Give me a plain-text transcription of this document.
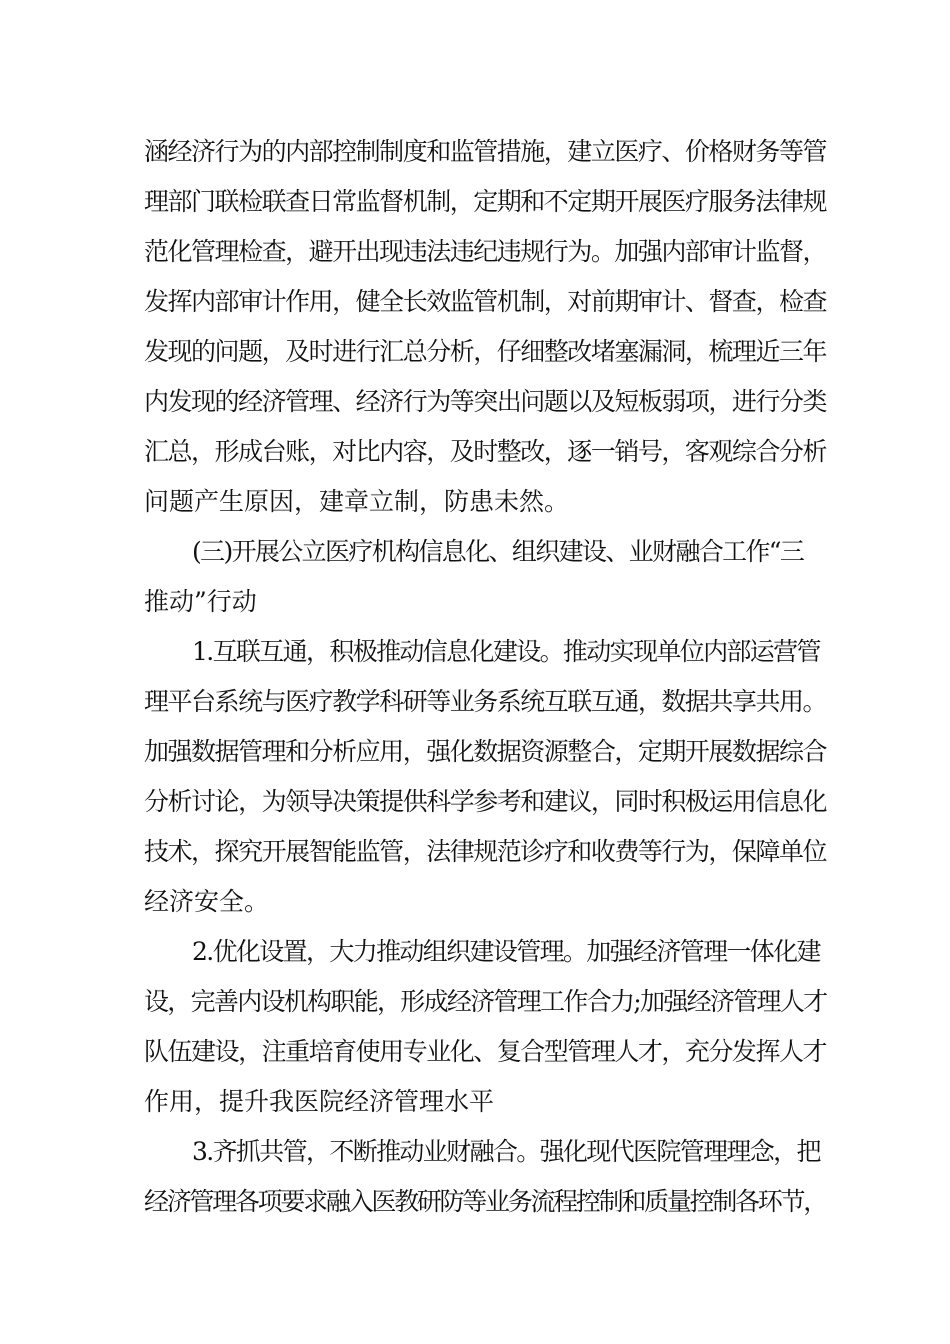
涵经济行为的内部控制制度和监管措施，建立医疗、价格财务等管
理部门联检联查日常监督机制，定期和不定期开展医疗服务法律规
范化管理检查，避开出现违法违纪违规行为。加强内部审计监督，
发挥内部审计作用，健全长效监管机制，对前期审计、督查，检查
发现的问题，及时进行汇总分析，仔细整改堵塞漏洞，梳理近三年
内发现的经济管理、经济行为等突出问题以及短板弱项，进行分类
汇总，形成台账，对比内容，及时整改，逐一销号，客观综合分析
问题产生原因，建章立制，防患未然。
(三)开展公立医疗机构信息化、组织建设、业财融合工作“三
推动”行动
1.互联互通，积极推动信息化建设。推动实现单位内部运营管
理平台系统与医疗教学科研等业务系统互联互通，数据共享共用。
加强数据管理和分析应用，强化数据资源整合，定期开展数据综合
分析讨论，为领导决策提供科学参考和建议，同时积极运用信息化
技术，探究开展智能监管，法律规范诊疗和收费等行为，保障单位
经济安全。
2.优化设置，大力推动组织建设管理。加强经济管理一体化建
设，完善内设机构职能，形成经济管理工作合力;加强经济管理人才
队伍建设，注重培育使用专业化、复合型管理人才，充分发挥人才
作用，提升我医院经济管理水平
3.齐抓共管，不断推动业财融合。强化现代医院管理理念，把
经济管理各项要求融入医教研防等业务流程控制和质量控制各环节，
